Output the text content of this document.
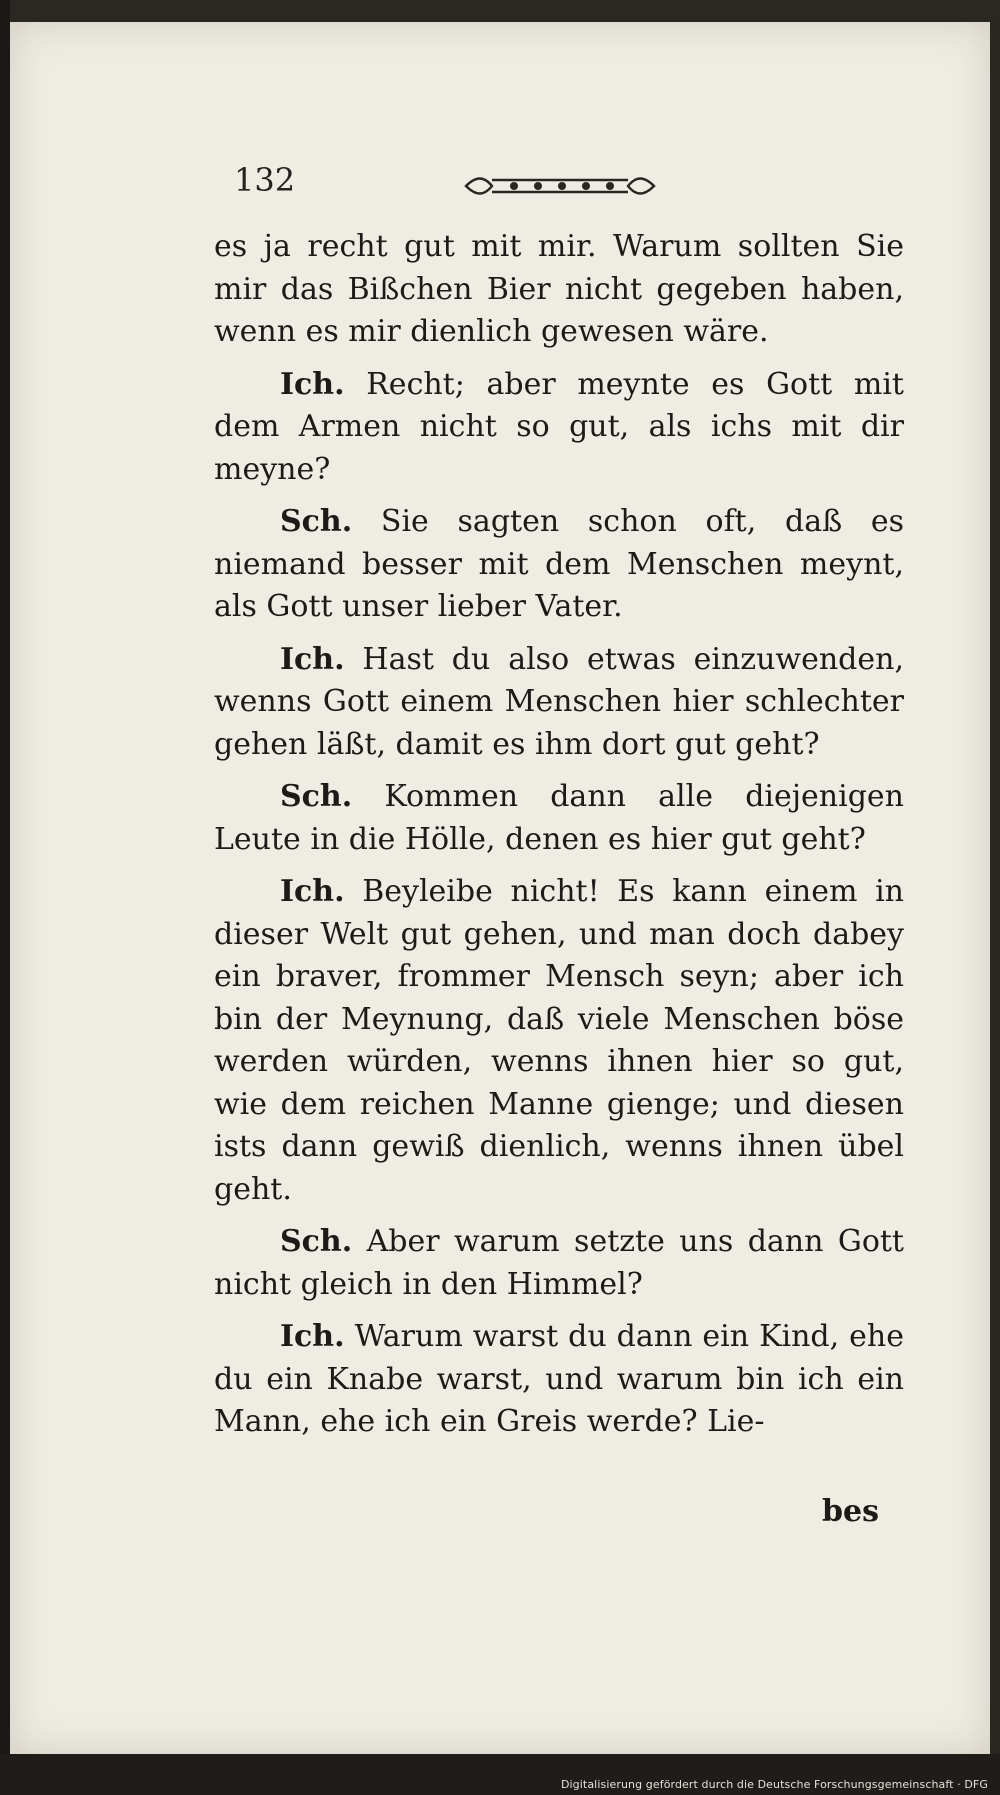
132

es ja recht gut mit mir. Warum sollten Sie mir das Bißchen Bier nicht gegeben haben, wenn es mir dienlich gewesen wäre.

Ich. Recht; aber meynte es Gott mit dem Armen nicht so gut, als ichs mit dir meyne?

Sch. Sie sagten schon oft, daß es niemand besser mit dem Menschen meynt, als Gott unser lieber Vater.

Ich. Hast du also etwas einzuwenden, wenns Gott einem Menschen hier schlechter gehen läßt, damit es ihm dort gut geht?

Sch. Kommen dann alle diejenigen Leute in die Hölle, denen es hier gut geht?

Ich. Beyleibe nicht! Es kann einem in dieser Welt gut gehen, und man doch dabey ein braver, frommer Mensch seyn; aber ich bin der Meynung, daß viele Menschen böse werden würden, wenns ihnen hier so gut, wie dem reichen Manne gienge; und diesen ists dann gewiß dienlich, wenns ihnen übel geht.

Sch. Aber warum setzte uns dann Gott nicht gleich in den Himmel?

Ich. Warum warst du dann ein Kind, ehe du ein Knabe warst, und warum bin ich ein Mann, ehe ich ein Greis werde? Lie-

bes
Digitalisierung gefördert durch die Deutsche Forschungsgemeinschaft · DFG
